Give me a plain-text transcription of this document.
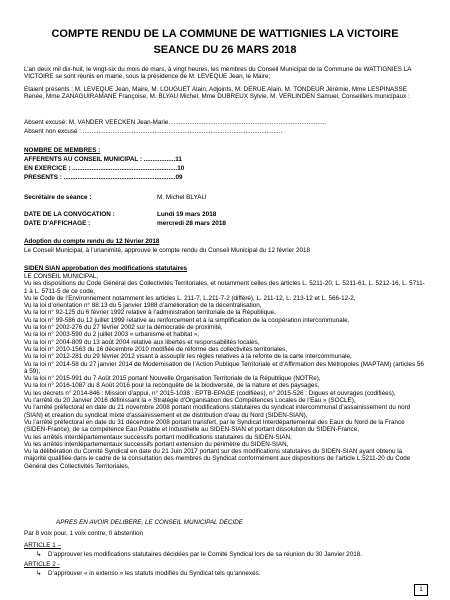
COMPTE RENDU DE LA COMMUNE DE WATTIGNIES LA VICTOIRE
SEANCE DU 26 MARS 2018
L’an deux mil dix-huit, le vingt-six du mois de mars, à vingt heures, les membres du Conseil Municipal de la Commune de WATTIGNIES LA VICTOIRE se sont réunis en mairie, sous la présidence de M. LEVEQUE Jean, le Maire;
Etaient présents : M. LEVEQUE Jean, Maire, M. LOUGUET Alain, Adjoints, M. DERUE Alain, M. TONDEUR Jérémie, Mme LESPINASSE Renée, Mme ZANAGUIRAMANE Françoise, M. BLYAU Michel, Mme DUBREUX Sylvie, M. VERLINDEN Samuel, Conseillers municipaux :
Absent excusé: M. VANDER VEECKEN Jean-Marie..........................................................................................
Absent non excusé : ..................................................................................................................
NOMBRE DE MEMBRES :
AFFERENTS AU CONSEIL MUNICIPAL : ..................11
EN EXERCICE : ............................................................10
PRESENTS : ................................................................09
Secrétaire de séance :	M. Michel BLYAU
DATE DE LA CONVOCATION :	Lundi 19 mars 2018
DATE D’AFFICHAGE :	mercredi 28 mars 2018
Adoption du compte rendu du 12 février 2018
Le Conseil Municipal, à l’unanimité, approuve le compte rendu du Conseil Municipal du 12 février 2018
SIDEN SIAN approbation des modifications statutaires
LE CONSEIL MUNICIPAL,
Vu les dispositions du Code Général des Collectivités Territoriales, et notamment celles des articles L. 5211-20, L. 5211-61, L. 5212-16, L. 5711-1 à L. 5711-5 de ce code,
Vu le Code de l’Environnement notamment les articles L. 211-7, L.211-7-2 (différé), L. 211-12, L. 213-12 et L. 566-12-2,
Vu la loi d’orientation n° 88.13 du 5 janvier 1988 d’amélioration de la décentralisation,
Vu la loi n° 92-125 du 6 février 1992 relative à l’administration territoriale de la République,
Vu la loi n° 99-586 du 12 juillet 1999 relative au renforcement et à la simplification de la coopération intercommunale,
Vu la loi n° 2002-276 du 27 février 2002 sur la démocratie de proximité,
Vu la loi n° 2003-590 du 2 juillet 2003 « urbanisme et habitat »,
Vu la loi n° 2004-809 du 13 août 2004 relative aux libertés et responsabilités locales,
Vu la loi n° 2010-1563 du 16 décembre 2010 modifiée de réforme des collectivités territoriales,
Vu la loi n° 2012-281 du 29 février 2012 visant à assouplir les règles relatives à la refonte de la carte intercommunale,
Vu la loi n° 2014-58 du 27 janvier 2014 de Modernisation de l’Action Publique Territoriale et d’Affirmation des Métropoles (MAPTAM) (articles 56 à 59),
Vu la loi n° 2015-991 du 7 Août 2015 portant Nouvelle Organisation Territoriale de la République (NOTRe),
Vu la loi n° 2016-1087 du 8 Août 2016 pour la reconquête de la biodiversité, de la nature et des paysages,
Vu les décrets n° 2014-846 : Mission d’appui, n° 2015-1038 : EPTB-EPAGE (codifiées), n° 2015-526 : Digues et ouvrages (codifiées),
Vu l’arrêté du 20 Janvier 2016 définissant la « Stratégie d’Organisation des Compétences Locales de l’Eau » (SOCLE),
Vu l’arrêté préfectoral en date du 21 novembre 2008 portant modifications statutaires du syndicat intercommunal d’assainissement du nord (SIAN) et création du syndicat mixte d’assainissement et de distribution d’eau du Nord (SIDEN-SIAN),
Vu l’arrêté préfectoral en date du 31 décembre 2008 portant transfert, par le Syndicat Interdépartemental des Eaux du Nord de la France (SIDEN-France), de sa compétence Eau Potable et Industrielle au SIDEN-SIAN et portant dissolution du SIDEN-France,
Vu les arrêtés interdépartementaux successifs portant modifications statutaires du SIDEN-SIAN,
Vu les arrêtés interdépartementaux successifs portant extension du périmètre du SIDEN-SIAN,
Vu la délibération du Comité Syndical en date du 21 Juin 2017 portant sur des modifications statutaires du SIDEN-SIAN ayant obtenu la majorité qualifiée dans le cadre de la consultation des membres du Syndicat conformément aux dispositions de l’article L.5211-20 du Code Général des Collectivités Territoriales,
APRES EN AVOIR DELIBERE, LE CONSEIL MUNICIPAL DECIDE
Par 8 voix pour, 1 voix contre, 0 abstention
ARTICLE 1 –
↳ D’approuver les modifications statutaires décidées par le Comité Syndical lors de sa réunion du 30 Janvier 2018.
ARTICLE 2 -
↳ D’approuver « in extenso » les statuts modifiés du Syndicat tels qu’annexés.
1
